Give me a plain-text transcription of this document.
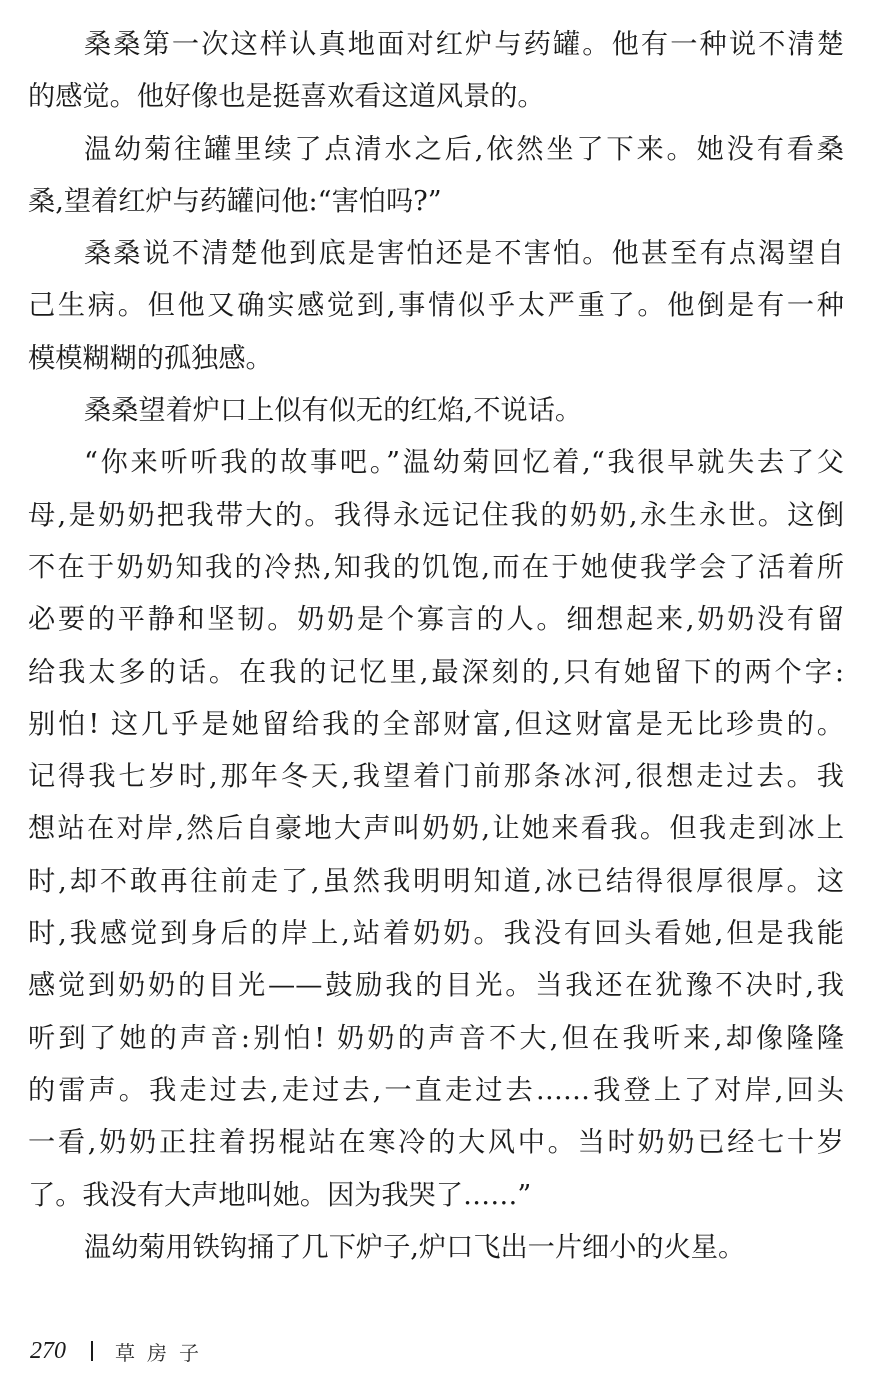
桑桑第一次这样认真地面对红炉与药罐。他有一种说不清楚
的感觉。他好像也是挺喜欢看这道风景的。
温幼菊往罐里续了点清水之后,依然坐了下来。她没有看桑
桑,望着红炉与药罐问他:“害怕吗?”
桑桑说不清楚他到底是害怕还是不害怕。他甚至有点渴望自
己生病。但他又确实感觉到,事情似乎太严重了。他倒是有一种
模模糊糊的孤独感。
桑桑望着炉口上似有似无的红焰,不说话。
“你来听听我的故事吧。”温幼菊回忆着,“我很早就失去了父
母,是奶奶把我带大的。我得永远记住我的奶奶,永生永世。这倒
不在于奶奶知我的冷热,知我的饥饱,而在于她使我学会了活着所
必要的平静和坚韧。奶奶是个寡言的人。细想起来,奶奶没有留
给我太多的话。在我的记忆里,最深刻的,只有她留下的两个字:
别怕! 这几乎是她留给我的全部财富,但这财富是无比珍贵的。
记得我七岁时,那年冬天,我望着门前那条冰河,很想走过去。我
想站在对岸,然后自豪地大声叫奶奶,让她来看我。但我走到冰上
时,却不敢再往前走了,虽然我明明知道,冰已结得很厚很厚。这
时,我感觉到身后的岸上,站着奶奶。我没有回头看她,但是我能
感觉到奶奶的目光——鼓励我的目光。当我还在犹豫不决时,我
听到了她的声音:别怕! 奶奶的声音不大,但在我听来,却像隆隆
的雷声。我走过去,走过去,一直走过去……我登上了对岸,回头
一看,奶奶正拄着拐棍站在寒冷的大风中。当时奶奶已经七十岁
了。我没有大声地叫她。因为我哭了……”
温幼菊用铁钩捅了几下炉子,炉口飞出一片细小的火星。
270	草房子
